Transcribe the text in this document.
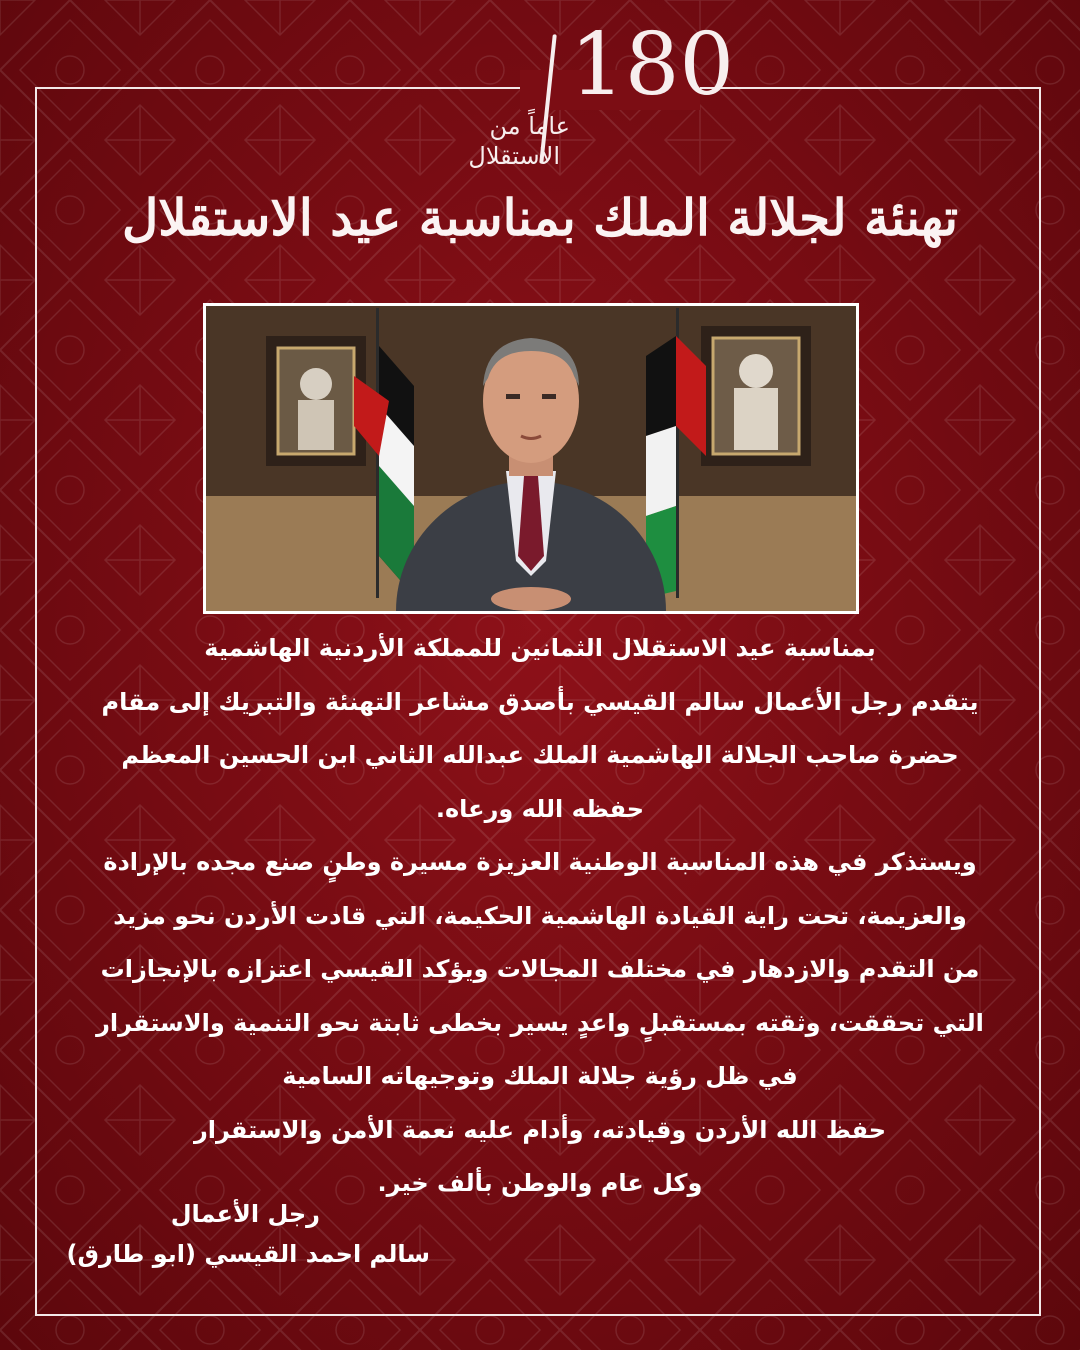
180
عاماً من
الاستقلال
تهنئة لجلالة الملك بمناسبة عيد الاستقلال
بمناسبة عيد الاستقلال الثمانين للمملكة الأردنية الهاشمية
يتقدم رجل الأعمال سالم القيسي بأصدق مشاعر التهنئة والتبريك إلى مقام
حضرة صاحب الجلالة الهاشمية الملك عبدالله الثاني ابن الحسين المعظم
حفظه الله ورعاه.
ويستذكر في هذه المناسبة الوطنية العزيزة مسيرة وطنٍ صنع مجده بالإرادة
والعزيمة، تحت راية القيادة الهاشمية الحكيمة، التي قادت الأردن نحو مزيد
من التقدم والازدهار في مختلف المجالات ويؤكد القيسي اعتزازه بالإنجازات
التي تحققت، وثقته بمستقبلٍ واعدٍ يسير بخطى ثابتة نحو التنمية والاستقرار
في ظل رؤية جلالة الملك وتوجيهاته السامية
حفظ الله الأردن وقيادته، وأدام عليه نعمة الأمن والاستقرار
وكل عام والوطن بألف خير.
رجل الأعمال
سالم احمد القيسي (ابو طارق)
